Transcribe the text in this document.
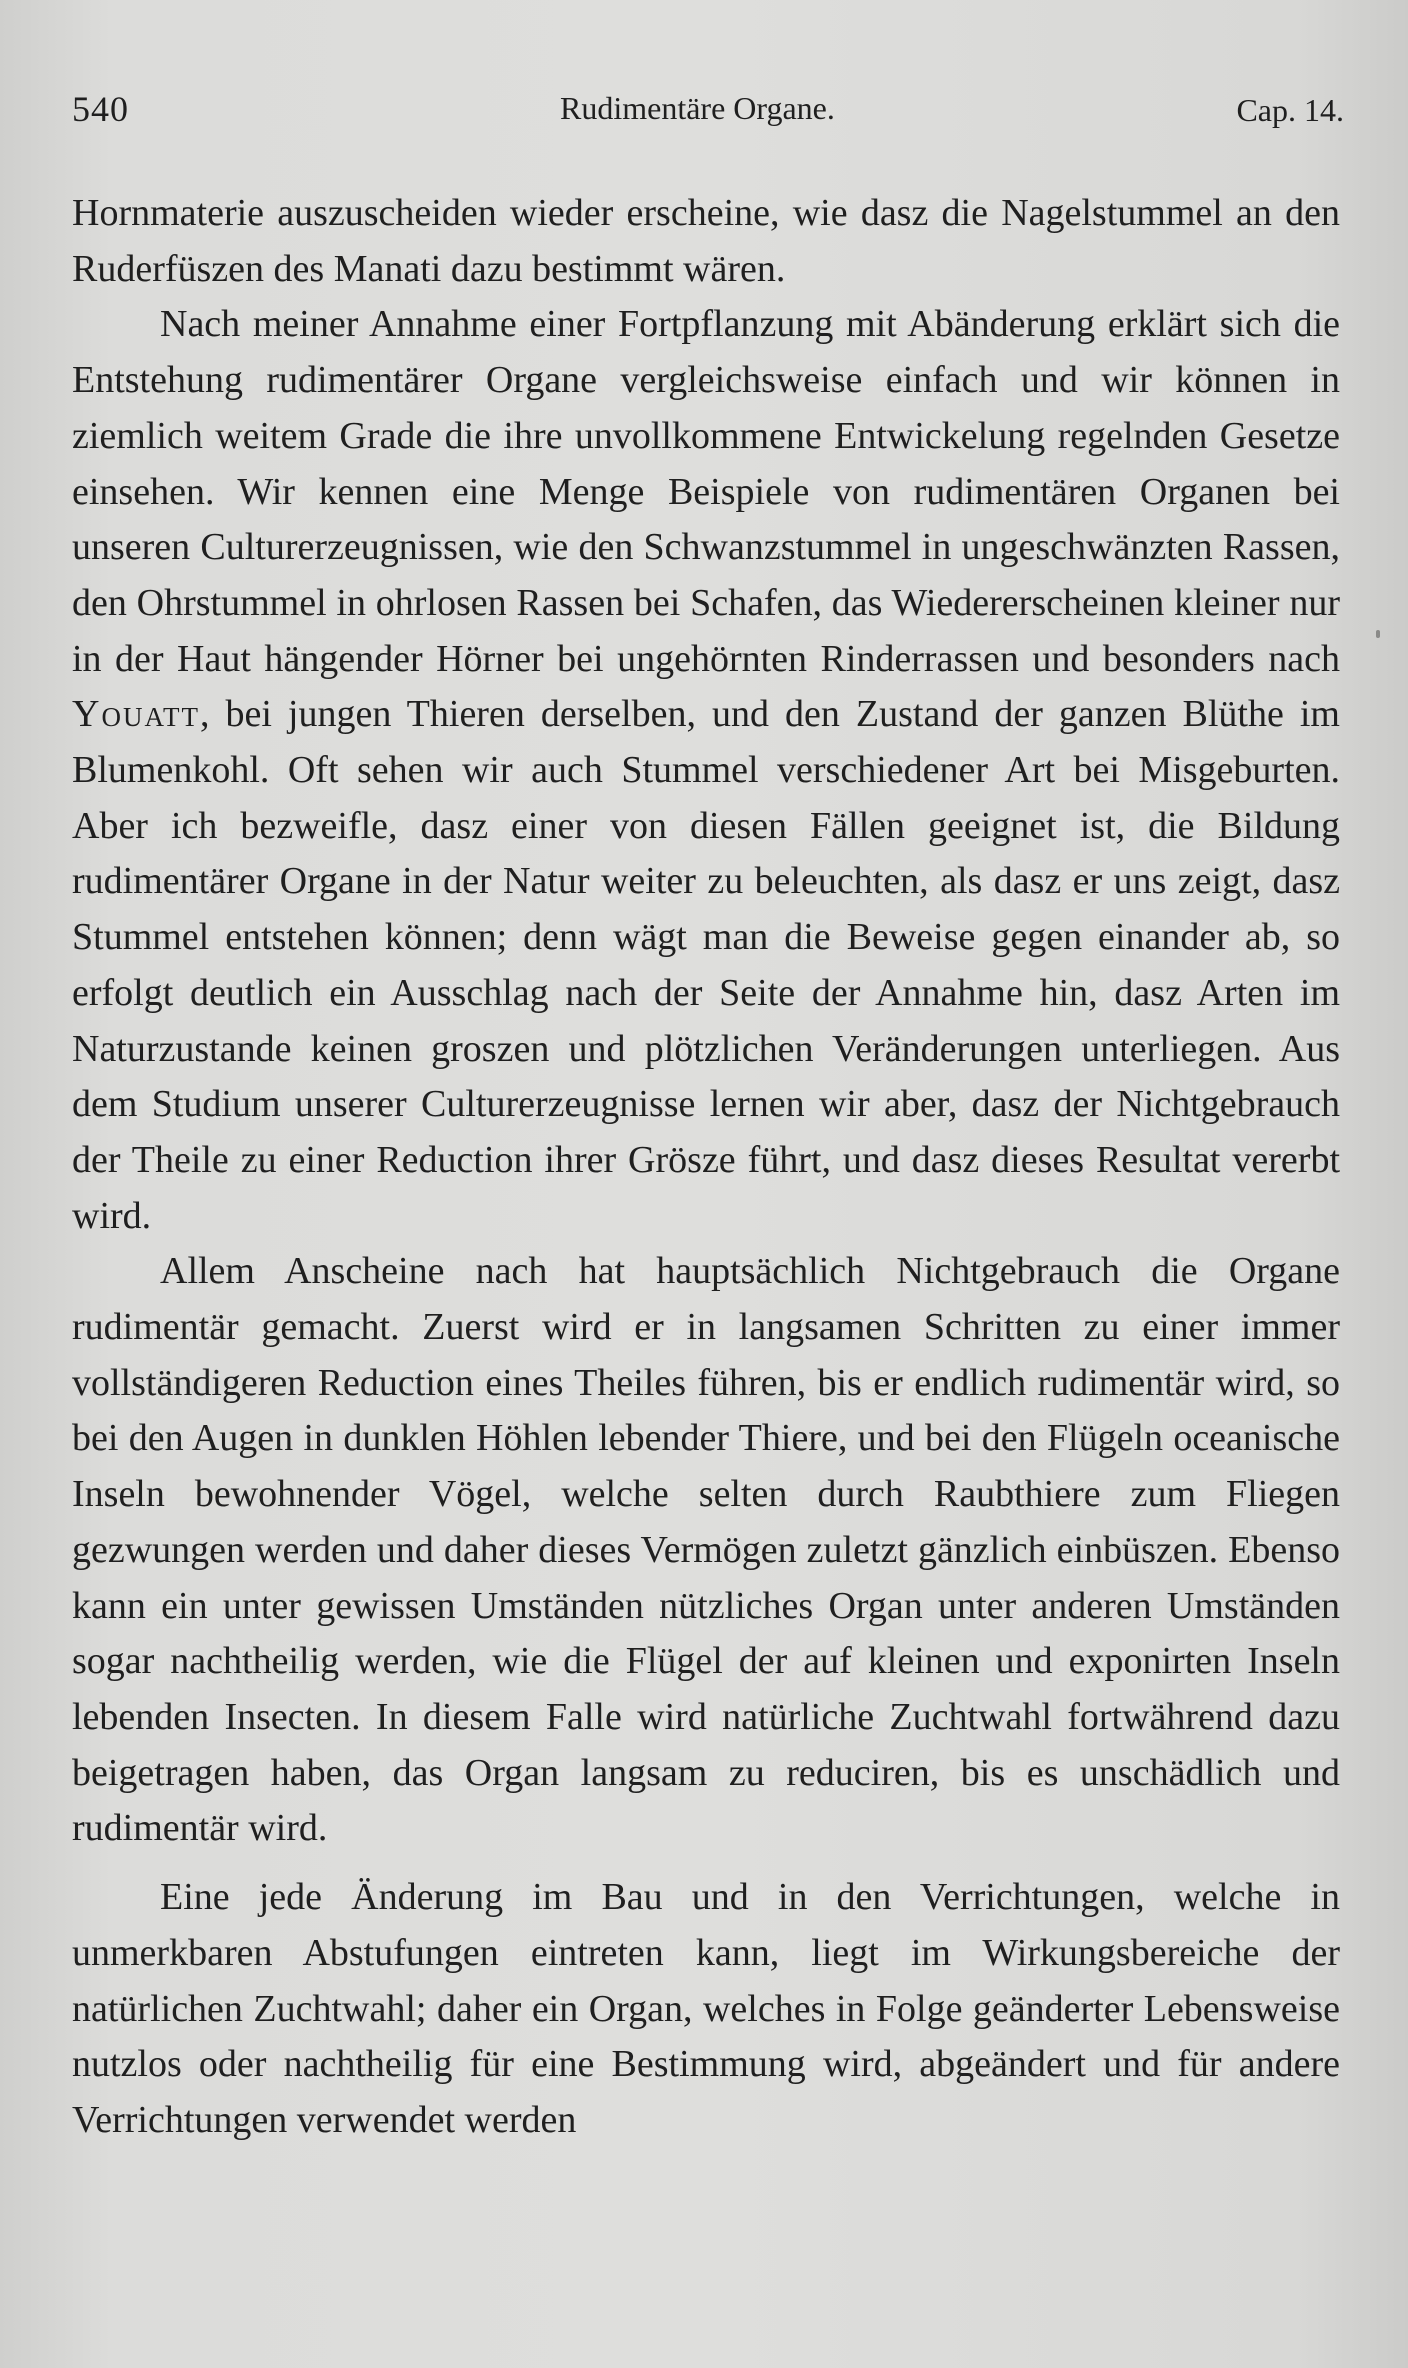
540	Rudimentäre Organe.	Cap. 14.

Hornmaterie auszuscheiden wieder erscheine, wie dasz die Nagelstummel an den Ruderfüszen des Manati dazu bestimmt wären.

Nach meiner Annahme einer Fortpflanzung mit Abänderung erklärt sich die Entstehung rudimentärer Organe vergleichsweise einfach und wir können in ziemlich weitem Grade die ihre unvollkommene Entwickelung regelnden Gesetze einsehen. Wir kennen eine Menge Beispiele von rudimentären Organen bei unseren Culturerzeugnissen, wie den Schwanzstummel in ungeschwänzten Rassen, den Ohrstummel in ohrlosen Rassen bei Schafen, das Wiedererscheinen kleiner nur in der Haut hängender Hörner bei ungehörnten Rinderrassen und besonders nach Youatt, bei jungen Thieren derselben, und den Zustand der ganzen Blüthe im Blumenkohl. Oft sehen wir auch Stummel verschiedener Art bei Misgeburten. Aber ich bezweifle, dasz einer von diesen Fällen geeignet ist, die Bildung rudimentärer Organe in der Natur weiter zu beleuchten, als dasz er uns zeigt, dasz Stummel entstehen können; denn wägt man die Beweise gegen einander ab, so erfolgt deutlich ein Ausschlag nach der Seite der Annahme hin, dasz Arten im Naturzustande keinen groszen und plötzlichen Veränderungen unterliegen. Aus dem Studium unserer Culturerzeugnisse lernen wir aber, dasz der Nichtgebrauch der Theile zu einer Reduction ihrer Grösze führt, und dasz dieses Resultat vererbt wird.

Allem Anscheine nach hat hauptsächlich Nichtgebrauch die Organe rudimentär gemacht. Zuerst wird er in langsamen Schritten zu einer immer vollständigeren Reduction eines Theiles führen, bis er endlich rudimentär wird, so bei den Augen in dunklen Höhlen lebender Thiere, und bei den Flügeln oceanische Inseln bewohnender Vögel, welche selten durch Raubthiere zum Fliegen gezwungen werden und daher dieses Vermögen zuletzt gänzlich einbüszen. Ebenso kann ein unter gewissen Umständen nützliches Organ unter anderen Umständen sogar nachtheilig werden, wie die Flügel der auf kleinen und exponirten Inseln lebenden Insecten. In diesem Falle wird natürliche Zuchtwahl fortwährend dazu beigetragen haben, das Organ langsam zu reduciren, bis es unschädlich und rudimentär wird.

Eine jede Änderung im Bau und in den Verrichtungen, welche in unmerkbaren Abstufungen eintreten kann, liegt im Wirkungsbereiche der natürlichen Zuchtwahl; daher ein Organ, welches in Folge geänderter Lebensweise nutzlos oder nachtheilig für eine Bestimmung wird, abgeändert und für andere Verrichtungen verwendet werden
